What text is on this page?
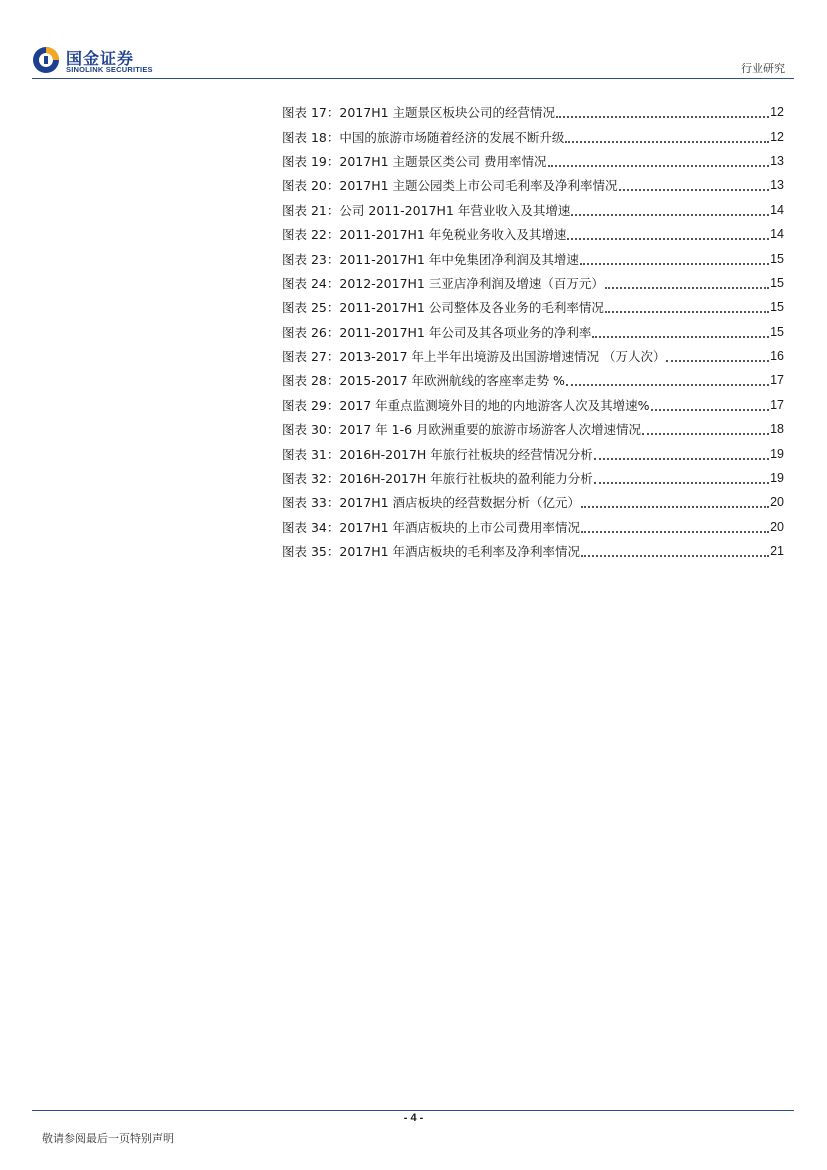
国金证券
SINOLINK SECURITIES	行业研究
图表 17： 2017H1 主题景区板块公司的经营情况	12
图表 18： 中国的旅游市场随着经济的发展不断升级	12
图表 19： 2017H1 主题景区类公司 费用率情况	13
图表 20： 2017H1 主题公园类上市公司毛利率及净利率情况	13
图表 21： 公司 2011-2017H1 年营业收入及其增速	14
图表 22： 2011-2017H1 年免税业务收入及其增速	14
图表 23： 2011-2017H1 年中免集团净利润及其增速	15
图表 24： 2012-2017H1 三亚店净利润及增速（百万元）	15
图表 25： 2011-2017H1 公司整体及各业务的毛利率情况	15
图表 26： 2011-2017H1 年公司及其各项业务的净利率	15
图表 27： 2013-2017 年上半年出境游及出国游增速情况 （万人次）	16
图表 28： 2015-2017 年欧洲航线的客座率走势 %	17
图表 29： 2017 年重点监测境外目的地的内地游客人次及其增速%	17
图表 30： 2017 年 1-6 月欧洲重要的旅游市场游客人次增速情况	18
图表 31： 2016H-2017H 年旅行社板块的经营情况分析	19
图表 32： 2016H-2017H 年旅行社板块的盈利能力分析	19
图表 33： 2017H1 酒店板块的经营数据分析（亿元）	20
图表 34： 2017H1 年酒店板块的上市公司费用率情况	20
图表 35： 2017H1 年酒店板块的毛利率及净利率情况	21
- 4 -
敬请参阅最后一页特别声明
